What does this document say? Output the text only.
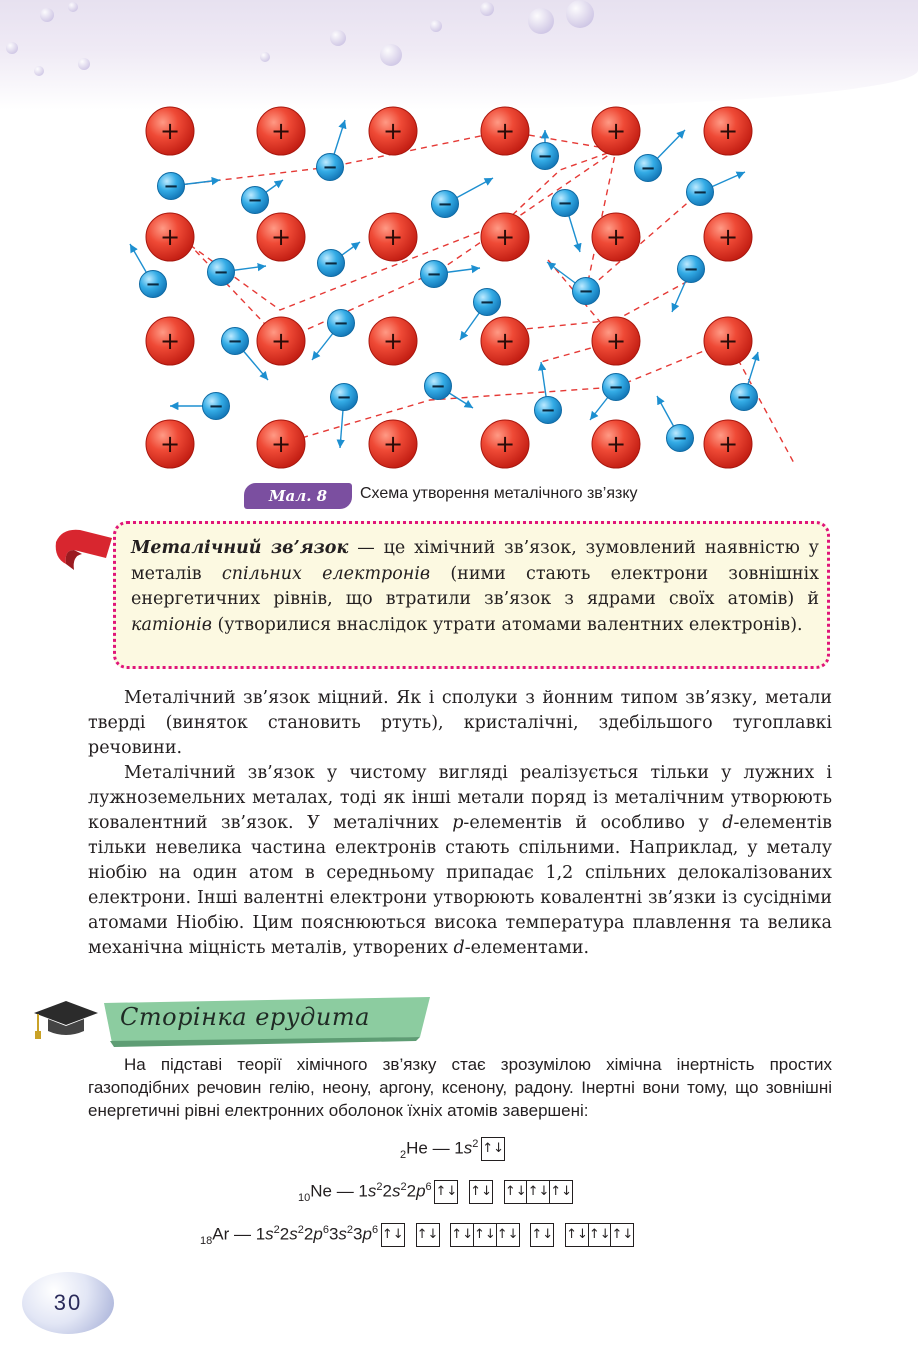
+	+	+	+	+	+
+	+	+	+	+	+
+	+	+	+	+	+
+	+	+	+	+	+
−
−
−
−
−
−
−
−
−
−
−
−	−
−
−
−
−
−
−
−	−
−
−
−
Мал. 8	Схема утворення металічного зв’язку
Металічний зв’язок — це хімічний зв’язок, зумовлений наявністю у металів спільних електронів (ними стають електрони зовнішніх енергетичних рівнів, що втратили зв’язок з ядрами своїх атомів) й катіонів (утворилися внаслідок утрати атомами валентних електронів).
Металічний зв’язок міцний. Як і сполуки з йонним типом зв’язку, метали тверді (виняток становить ртуть), кристалічні, здебільшого тугоплавкі речовини.
Металічний зв’язок у чистому вигляді реалізується тільки у лужних і лужноземельних металах, тоді як інші метали поряд із металічним утворюють ковалентний зв’язок. У металічних p-елементів й особливо у d-елементів тільки невелика частина електронів стають спільними. Наприклад, у металу ніобію на один атом в середньому припадає 1,2 спільних делокалізованих електрони. Інші валентні електрони утворюють ковалентні зв’язки із сусідніми атомами Ніобію. Цим пояснюються висока температура плавлення та велика механічна міцність металів, утворених d-елементами.
Сторінка ерудита
На підставі теорії хімічного зв’язку стає зрозумілою хімічна інертність простих газоподібних речовин гелію, неону, аргону, ксенону, радону. Інертні вони тому, що зовнішні енергетичні рівні електронних оболонок їхніх атомів завершені:
$_2$He — $1s^2$ ↑↓
$_{10}$Ne — $1s^22s^22p^6$ ↑↓ ↑↓ ↑↓ ↑↓ ↑↓
$_{18}$Ar — $1s^22s^22p^63s^23p^6$ ↑↓ ↑↓ ↑↓ ↑↓ ↑↓ ↑↓ ↑↓ ↑↓ ↑↓
30
